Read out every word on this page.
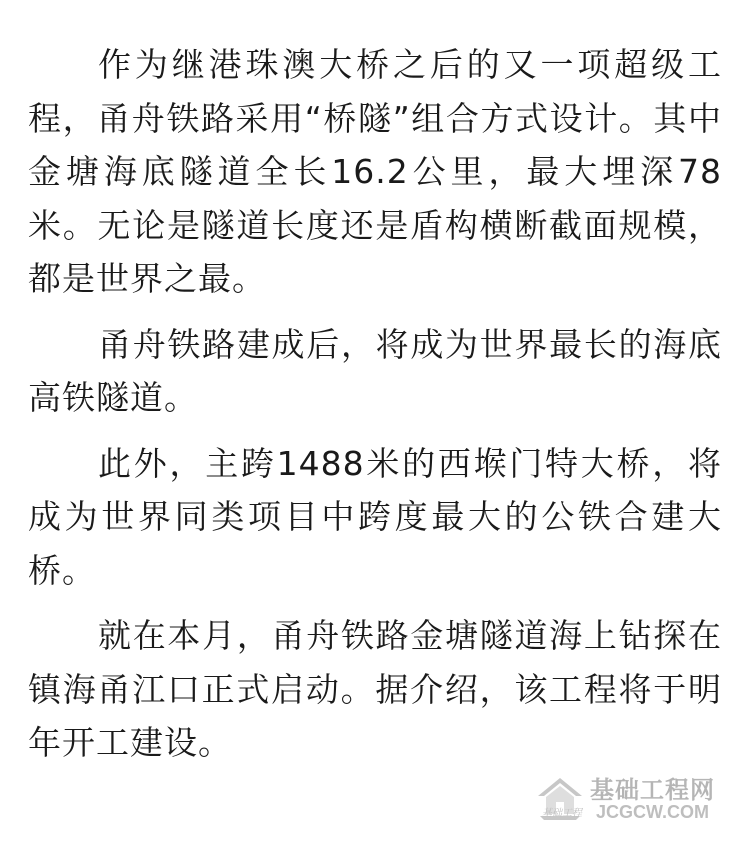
作为继港珠澳大桥之后的又一项超级工程，甬舟铁路采用“桥隧”组合方式设计。其中金塘海底隧道全长16.2公里，最大埋深78米。无论是隧道长度还是盾构横断截面规模，都是世界之最。

甬舟铁路建成后，将成为世界最长的海底高铁隧道。

此外，主跨1488米的西堠门特大桥，将成为世界同类项目中跨度最大的公铁合建大桥。

就在本月，甬舟铁路金塘隧道海上钻探在镇海甬江口正式启动。据介绍，该工程将于明年开工建设。

基础工程网
基础工程 JCGCW.COM
